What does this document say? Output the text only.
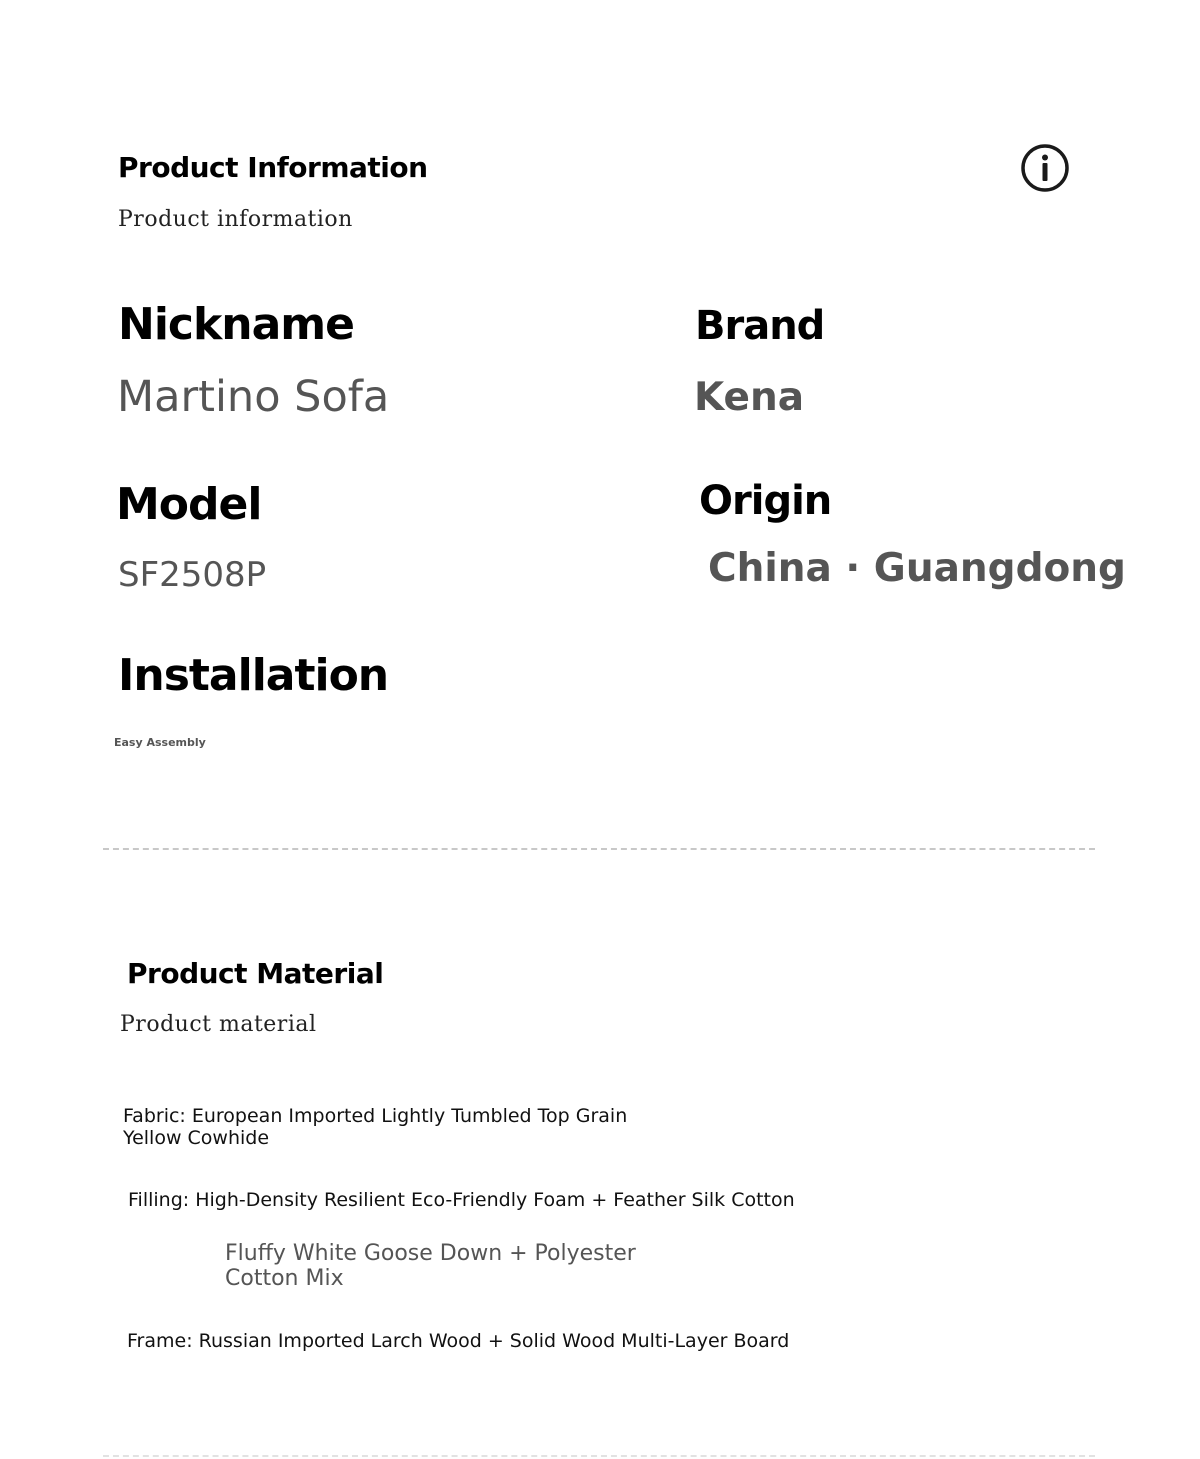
Product Information
Product information
Nickname
Martino Sofa
Brand
Kena
Model
SF2508P
Origin
China · Guangdong
Installation
Easy Assembly
Product Material
Product material
Fabric: European Imported Lightly Tumbled Top Grain
Yellow Cowhide
Filling: High-Density Resilient Eco-Friendly Foam + Feather Silk Cotton
Fluffy White Goose Down + Polyester
Cotton Mix
Frame: Russian Imported Larch Wood + Solid Wood Multi-Layer Board
